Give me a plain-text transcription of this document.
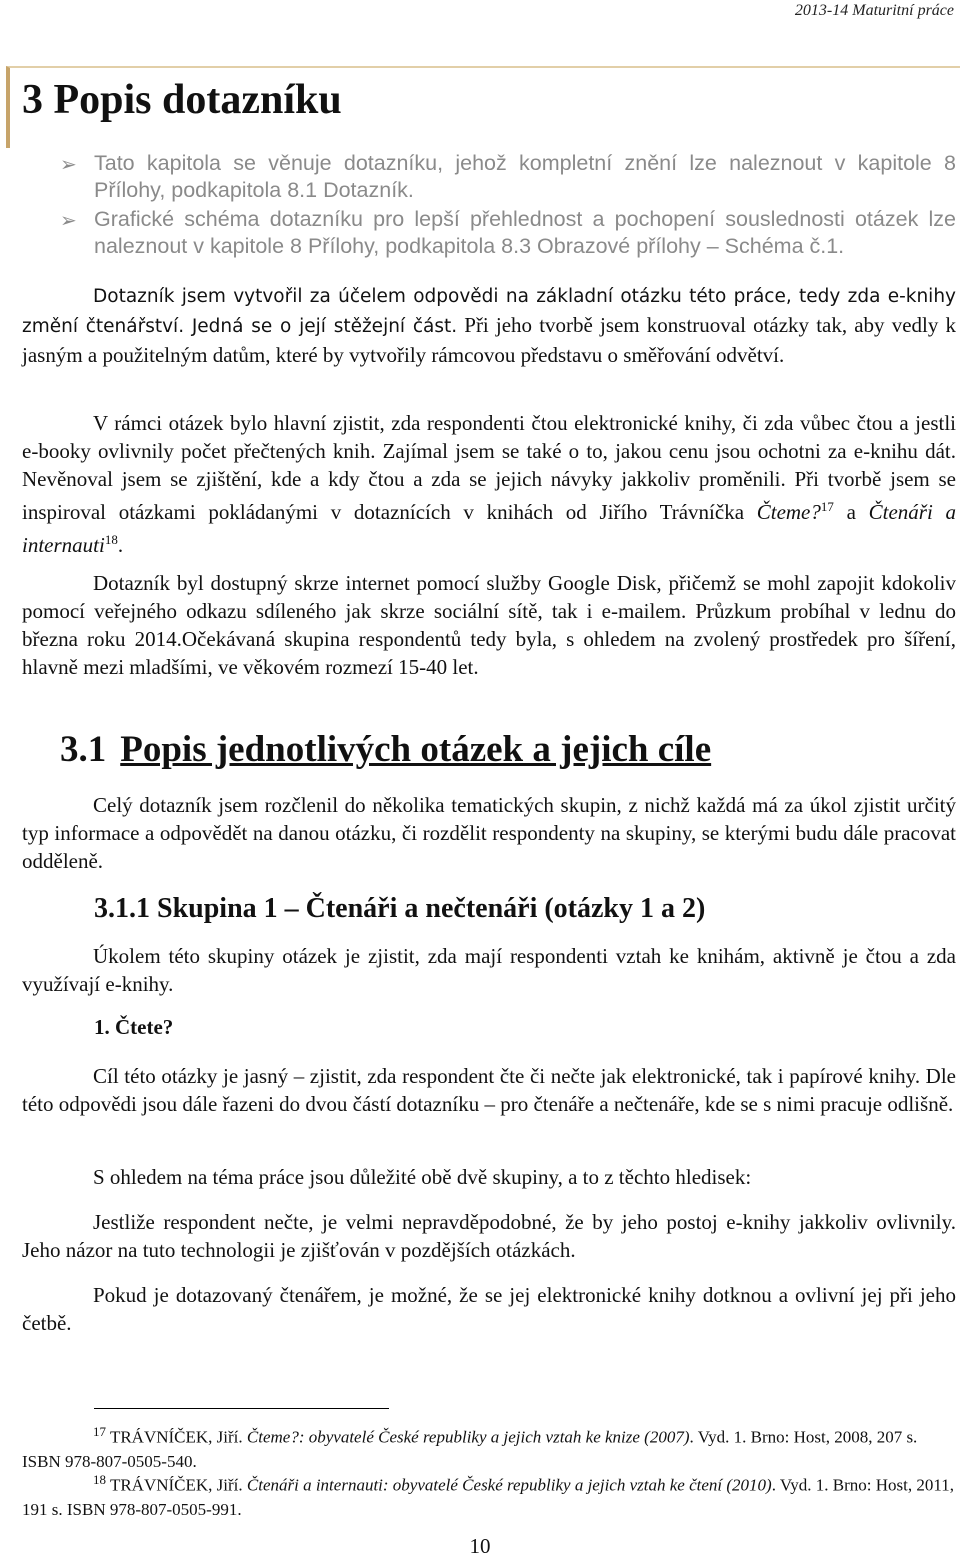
2013-14 Maturitní práce
3 Popis dotazníku
➢ Tato kapitola se věnuje dotazníku, jehož kompletní znění lze naleznout v kapitole 8 Přílohy, podkapitola 8.1 Dotazník.
➢ Grafické schéma dotazníku pro lepší přehlednost a pochopení souslednosti otázek lze naleznout v kapitole 8 Přílohy, podkapitola 8.3 Obrazové přílohy – Schéma č.1.
Dotazník jsem vytvořil za účelem odpovědi na základní otázku této práce, tedy zda e-knihy změní čtenářství. Jedná se o její stěžejní část. Při jeho tvorbě jsem konstruoval otázky tak, aby vedly k jasným a použitelným datům, které by vytvořily rámcovou představu o směřování odvětví.
V rámci otázek bylo hlavní zjistit, zda respondenti čtou elektronické knihy, či zda vůbec čtou a jestli e-booky ovlivnily počet přečtených knih. Zajímal jsem se také o to, jakou cenu jsou ochotni za e-knihu dát. Nevěnoval jsem se zjištění, kde a kdy čtou a zda se jejich návyky jakkoliv proměnili. Při tvorbě jsem se inspiroval otázkami pokládanými v dotaznících v knihách od Jiřího Trávníčka Čteme?$^{17}$ a Čtenáři a internauti$^{18}$.
Dotazník byl dostupný skrze internet pomocí služby Google Disk, přičemž se mohl zapojit kdokoliv pomocí veřejného odkazu sdíleného jak skrze sociální sítě, tak i e-mailem. Průzkum probíhal v lednu do března roku 2014.Očekávaná skupina respondentů tedy byla, s ohledem na zvolený prostředek pro šíření, hlavně mezi mladšími, ve věkovém rozmezí 15-40 let.
3.1 Popis jednotlivých otázek a jejich cíle
Celý dotazník jsem rozčlenil do několika tematických skupin, z nichž každá má za úkol zjistit určitý typ informace a odpovědět na danou otázku, či rozdělit respondenty na skupiny, se kterými budu dále pracovat odděleně.
3.1.1 Skupina 1 – Čtenáři a nečtenáři (otázky 1 a 2)
Úkolem této skupiny otázek je zjistit, zda mají respondenti vztah ke knihám, aktivně je čtou a zda využívají e-knihy.
1. Čtete?
Cíl této otázky je jasný – zjistit, zda respondent čte či nečte jak elektronické, tak i papírové knihy. Dle této odpovědi jsou dále řazeni do dvou částí dotazníku – pro čtenáře a nečtenáře, kde se s nimi pracuje odlišně.
S ohledem na téma práce jsou důležité obě dvě skupiny, a to z těchto hledisek:
Jestliže respondent nečte, je velmi nepravděpodobné, že by jeho postoj e-knihy jakkoliv ovlivnily. Jeho názor na tuto technologii je zjišťován v pozdějších otázkách.
Pokud je dotazovaný čtenářem, je možné, že se jej elektronické knihy dotknou a ovlivní jej při jeho četbě.
$^{17}$ TRÁVNÍČEK, Jiří. Čteme?: obyvatelé České republiky a jejich vztah ke knize (2007). Vyd. 1. Brno: Host, 2008, 207 s. ISBN 978-807-0505-540.
$^{18}$ TRÁVNÍČEK, Jiří. Čtenáři a internauti: obyvatelé České republiky a jejich vztah ke čtení (2010). Vyd. 1. Brno: Host, 2011, 191 s. ISBN 978-807-0505-991.
10
